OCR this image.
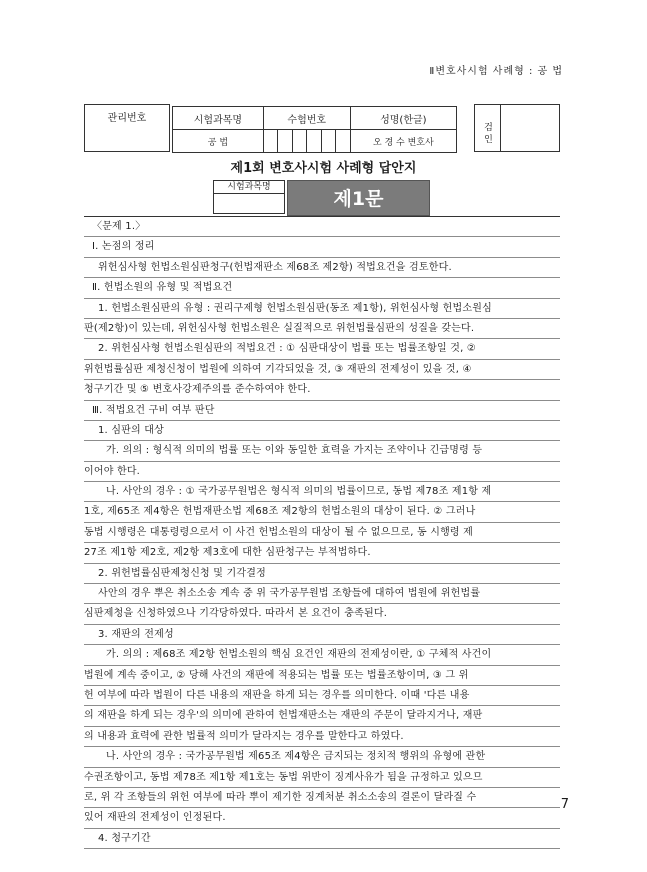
Ⅱ변호사시험 사례형 : 공 법
관리번호	시험과목명	수험번호						성명(한글)
공 법							오 경 수 변호사
검 인
제1회 변호사시험 사례형 답안지
시험과목명
제1문
〈문제 1.〉
Ⅰ. 논점의 정리
위헌심사형 헌법소원심판청구(헌법재판소 제68조 제2항) 적법요건을 검토한다.
Ⅱ. 헌법소원의 유형 및 적법요건
1. 헌법소원심판의 유형 : 권리구제형 헌법소원심판(동조 제1항), 위헌심사형 헌법소원심
판(제2항)이 있는데, 위헌심사형 헌법소원은 실질적으로 위헌법률심판의 성질을 갖는다.
2. 위헌심사형 헌법소원심판의 적법요건 : ① 심판대상이 법률 또는 법률조항일 것, ②
위헌법률심판 제청신청이 법원에 의하여 기각되었을 것, ③ 재판의 전제성이 있을 것, ④
청구기간 및 ⑤ 변호사강제주의를 준수하여야 한다.
Ⅲ. 적법요건 구비 여부 판단
1. 심판의 대상
가. 의의 : 형식적 의미의 법률 또는 이와 동일한 효력을 가지는 조약이나 긴급명령 등
이어야 한다.
나. 사안의 경우 : ① 국가공무원법은 형식적 의미의 법률이므로, 동법 제78조 제1항 제
1호, 제65조 제4항은 헌법재판소법 제68조 제2항의 헌법소원의 대상이 된다. ② 그러나
동법 시행령은 대통령령으로서 이 사건 헌법소원의 대상이 될 수 없으므로, 동 시행령 제
27조 제1항 제2호, 제2항 제3호에 대한 심판청구는 부적법하다.
2. 위헌법률심판제청신청 및 기각결정
사안의 경우 뿌은 취소소송 계속 중 위 국가공무원법 조항들에 대하여 법원에 위헌법률
심판제청을 신청하였으나 기각당하였다. 따라서 본 요건이 충족된다.
3. 재판의 전제성
가. 의의 : 제68조 제2항 헌법소원의 핵심 요건인 재판의 전제성이란, ① 구체적 사건이
법원에 계속 중이고, ② 당해 사건의 재판에 적용되는 법률 또는 법률조항이며, ③ 그 위
헌 여부에 따라 법원이 다른 내용의 재판을 하게 되는 경우를 의미한다. 이때 '다른 내용
의 재판을 하게 되는 경우'의 의미에 관하여 헌법재판소는 재판의 주문이 달라지거나, 재판
의 내용과 효력에 관한 법률적 의미가 달라지는 경우를 말한다고 하였다.
나. 사안의 경우 : 국가공무원법 제65조 제4항은 금지되는 정치적 행위의 유형에 관한
수권조항이고, 동법 제78조 제1항 제1호는 동법 위반이 징계사유가 됨을 규정하고 있으므
로, 위 각 조항들의 위헌 여부에 따라 뿌이 제기한 징계처분 취소소송의 결론이 달라질 수
있어 재판의 전제성이 인정된다.
4. 청구기간
7
